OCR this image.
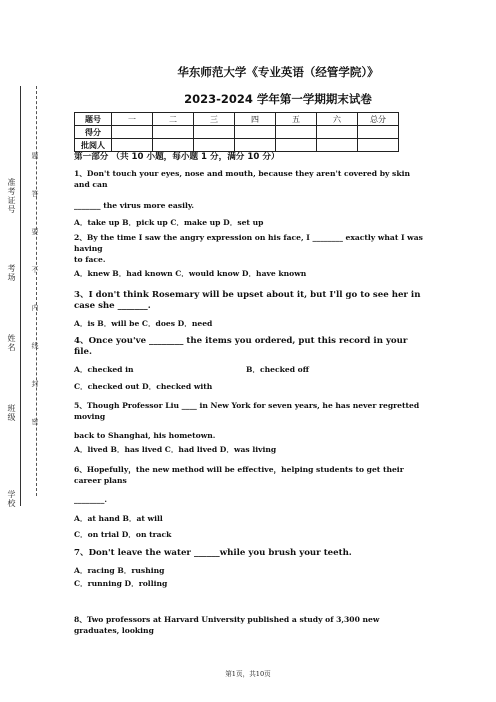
准考证号
考场
姓名
班级
学校
题
答
要
不
内
线
封
密
华东师范大学《专业英语（经管学院）》
2023-2024 学年第一学期期末试卷
题号	一	二	三	四	五	六	总分
得分							
批阅人							
第一部分 （共 10 小题，每小题 1 分，满分 10 分）
1、Don't touch your eyes, nose and mouth, because they aren't covered by skin and can
_______ the virus more easily.
A．take up B．pick up C．make up D．set up
2、By the time I saw the angry expression on his face, I ________ exactly what I was having
to face.
A．knew B．had known C．would know D．have known
3、I don't think Rosemary will be upset about it, but I'll go to see her in case she _______.
A．is B．will be C．does D．need
4、Once you've ________ the items you ordered, put this record in your file.
A．checked in	B．checked off
C．checked out D．checked with
5、Though Professor Liu ____ in New York for seven years, he has never regretted moving
back to Shanghai, his hometown.
A．lived B．has lived C．had lived D．was living
6、Hopefully，the new method will be effective，helping students to get their career plans
________.
A．at hand B．at will
C．on trial D．on track
7、Don't leave the water ______while you brush your teeth.
A．racing B．rushing
C．running D．rolling
8、Two professors at Harvard University published a study of 3,300 new graduates, looking
第1页，共10页
